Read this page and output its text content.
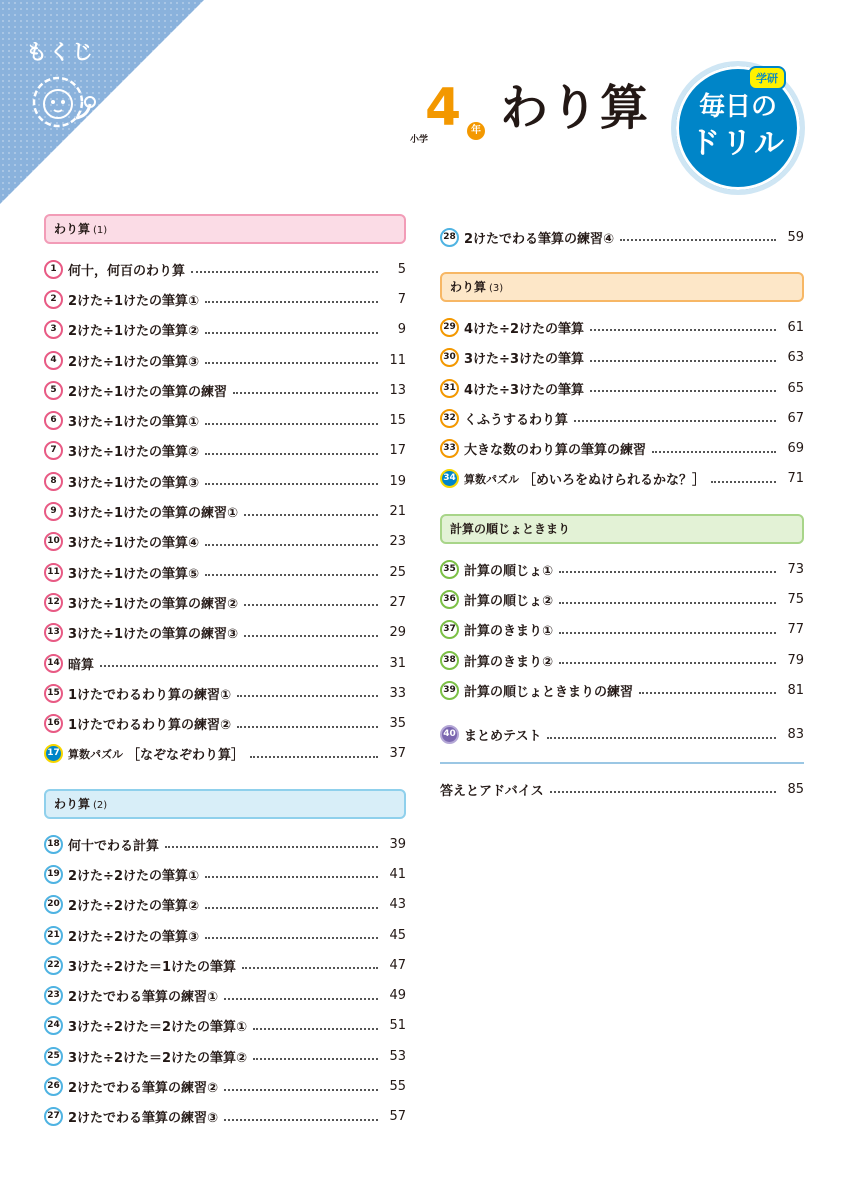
もくじ
小学
4 年 わり算	毎日の
ドリル
学研
わり算 (1)
1 何十，何百のわり算	5
2 2けた÷1けたの筆算①	7
3 2けた÷1けたの筆算②	9
4 2けた÷1けたの筆算③	11
5 2けた÷1けたの筆算の練習	13
6 3けた÷1けたの筆算①	15
7 3けた÷1けたの筆算②	17
8 3けた÷1けたの筆算③	19
9 3けた÷1けたの筆算の練習①	21
10 3けた÷1けたの筆算④	23
11 3けた÷1けたの筆算⑤	25
12 3けた÷1けたの筆算の練習②	27
13 3けた÷1けたの筆算の練習③	29
14 暗算	31
15 1けたでわるわり算の練習①	33
16 1けたでわるわり算の練習②	35
17 算数パズル ［なぞなぞわり算］	37
わり算 (2)
18 何十でわる計算	39
19 2けた÷2けたの筆算①	41
20 2けた÷2けたの筆算②	43
21 2けた÷2けたの筆算③	45
22 3けた÷2けた＝1けたの筆算	47
23 2けたでわる筆算の練習①	49
24 3けた÷2けた＝2けたの筆算①	51
25 3けた÷2けた＝2けたの筆算②	53
26 2けたでわる筆算の練習②	55
27 2けたでわる筆算の練習③	57
28 2けたでわる筆算の練習④	59
わり算 (3)
29 4けた÷2けたの筆算	61
30 3けた÷3けたの筆算	63
31 4けた÷3けたの筆算	65
32 くふうするわり算	67
33 大きな数のわり算の筆算の練習	69
34 算数パズル ［めいろをぬけられるかな？］	71
計算の順じょときまり
35 計算の順じょ①	73
36 計算の順じょ②	75
37 計算のきまり①	77
38 計算のきまり②	79
39 計算の順じょときまりの練習	81
40 まとめテスト	83
答えとアドバイス	85
